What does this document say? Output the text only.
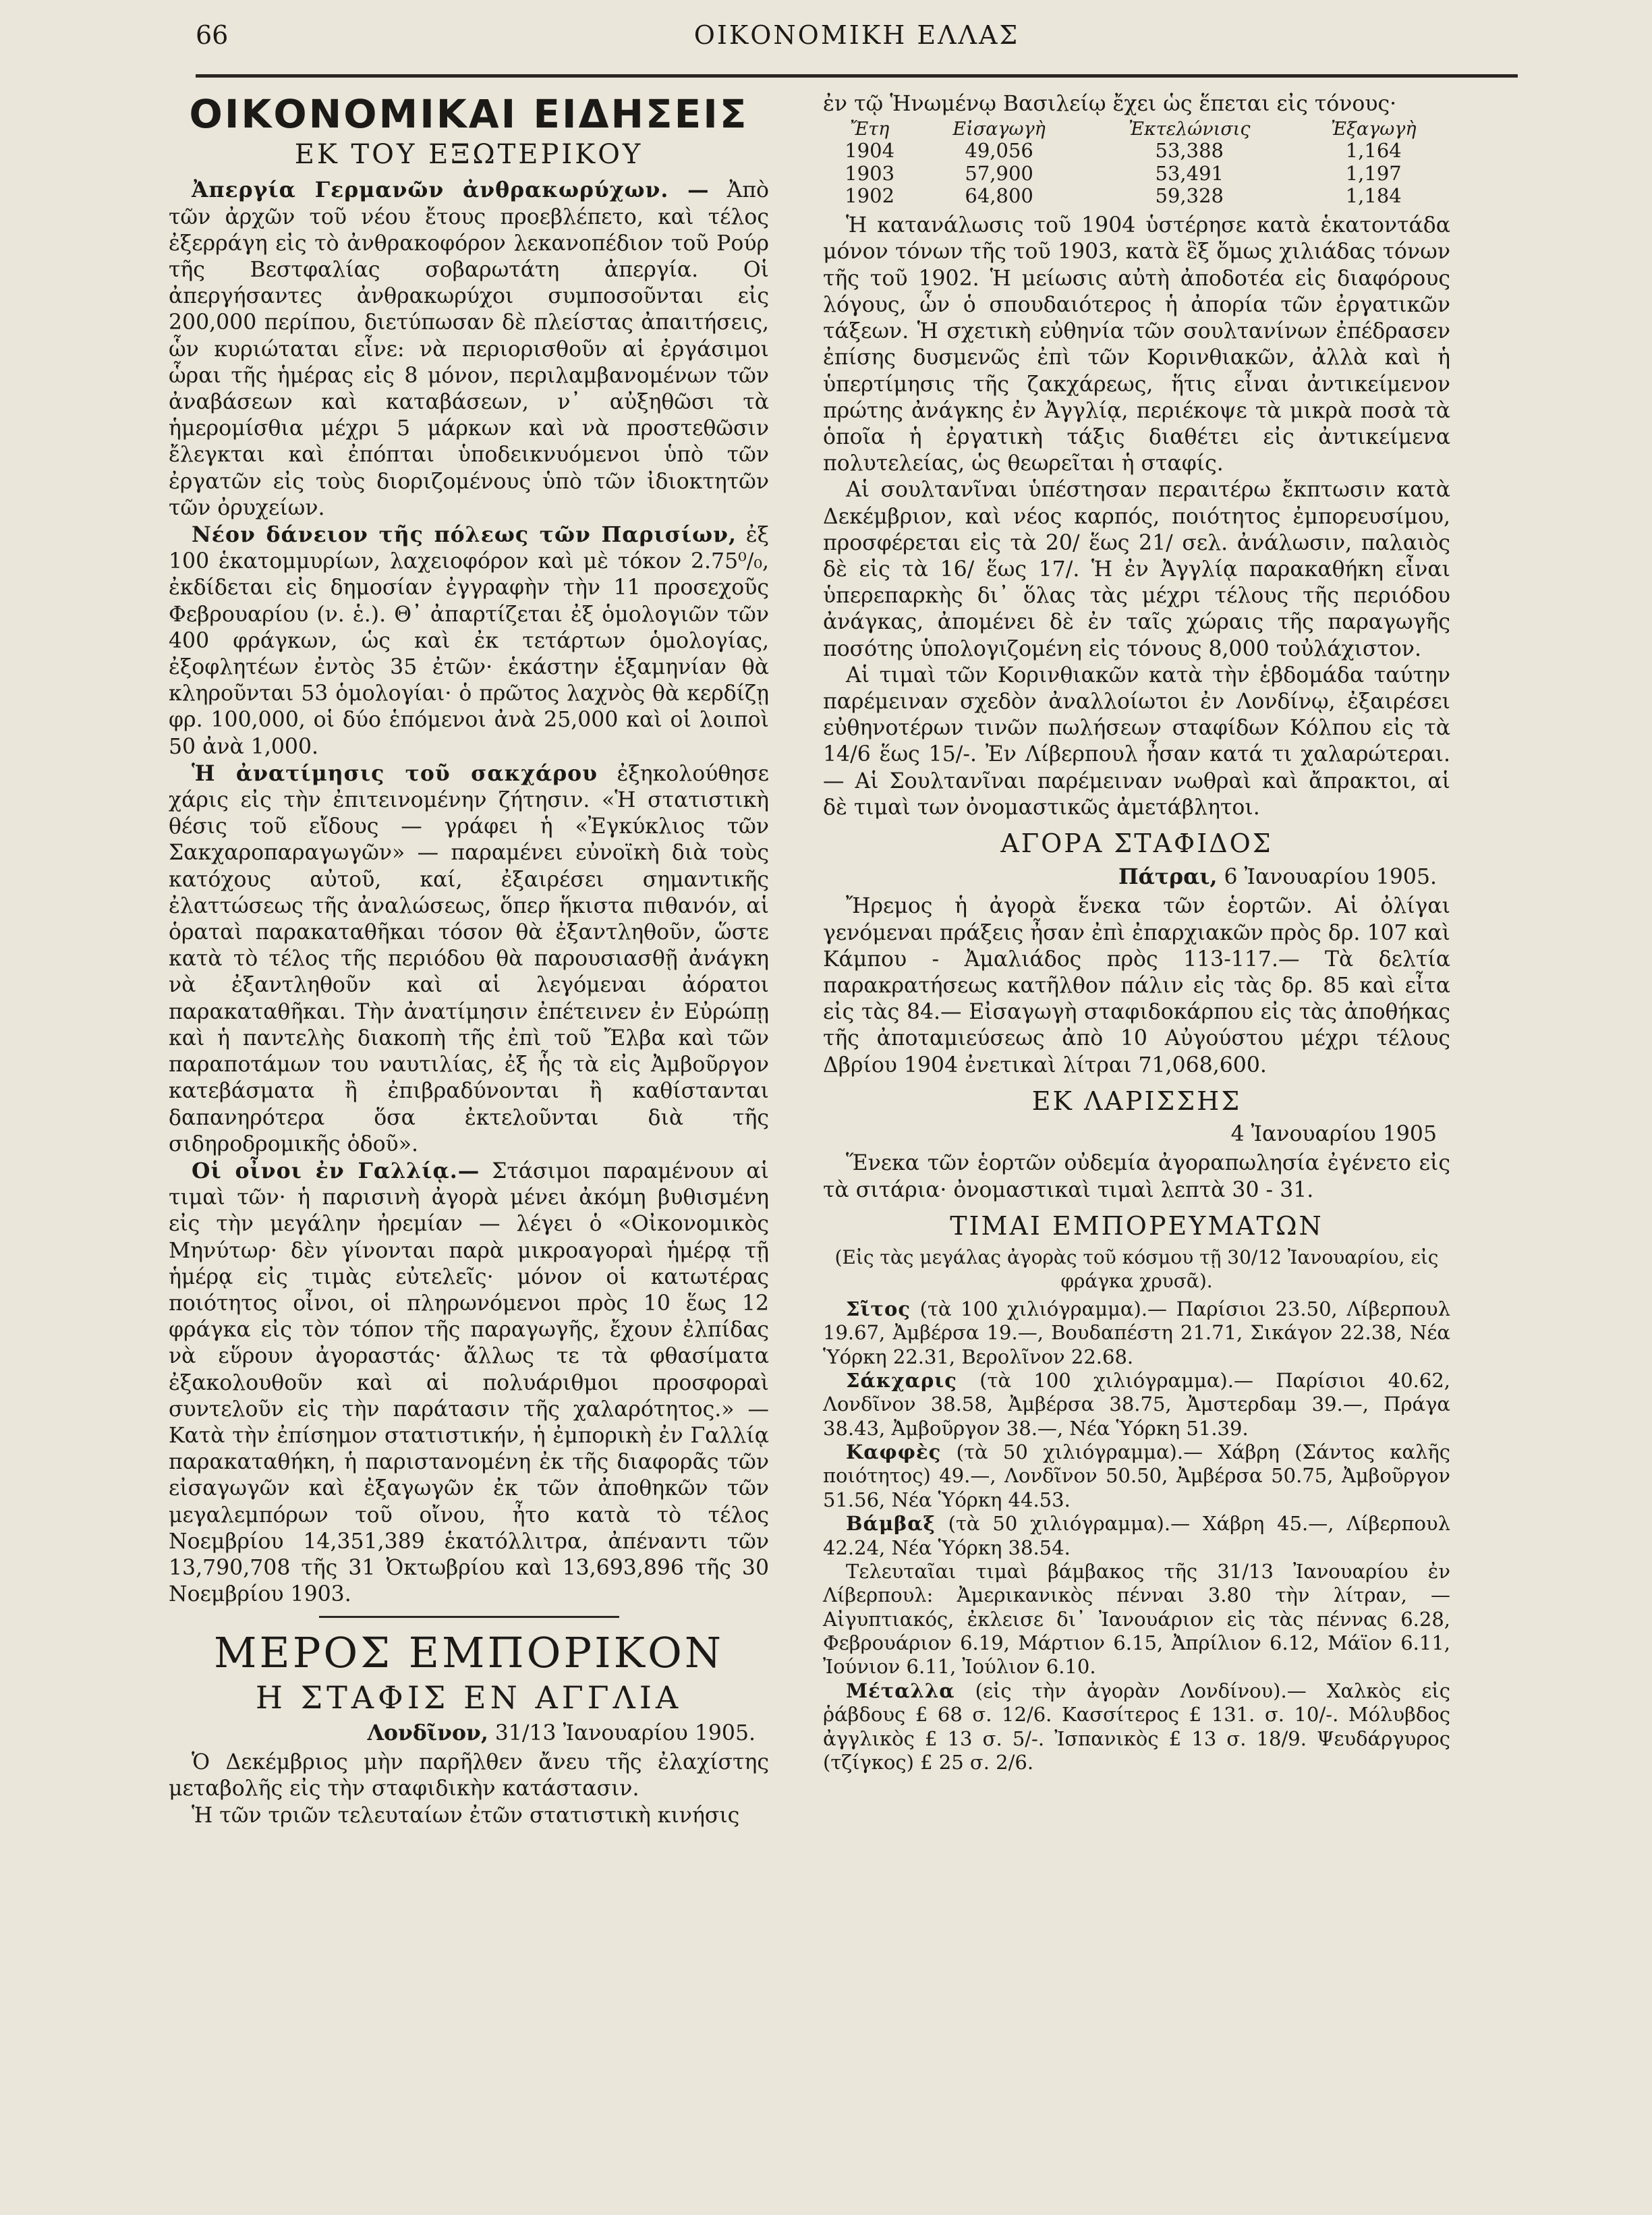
66	ΟΙΚΟΝΟΜΙΚΗ ΕΛΛΑΣ
ΟΙΚΟΝΟΜΙΚΑΙ ΕΙΔΗΣΕΙΣ
ΕΚ ΤΟΥ ΕΞΩΤΕΡΙΚΟΥ

Ἀπεργία Γερμανῶν ἀνθρακωρύχων. — Ἀπὸ τῶν ἀρχῶν τοῦ νέου ἔτους προεβλέπετο, καὶ τέλος ἐξερράγη εἰς τὸ ἀνθρακοφόρον λεκανοπέδιον τοῦ Ρούρ τῆς Βεστφαλίας σοβαρωτάτη ἀπεργία. Οἱ ἀπεργήσαντες ἀνθρακωρύχοι συμποσοῦνται εἰς 200,000 περίπου, διετύπωσαν δὲ πλείστας ἀπαιτήσεις, ὧν κυριώταται εἶνε: νὰ περιορισθοῦν αἱ ἐργάσιμοι ὧραι τῆς ἡμέρας εἰς 8 μόνον, περιλαμβανομένων τῶν ἀναβάσεων καὶ καταβάσεων, ν᾿ αὐξηθῶσι τὰ ἡμερομίσθια μέχρι 5 μάρκων καὶ νὰ προστεθῶσιν ἔλεγκται καὶ ἐπόπται ὑποδεικνυόμενοι ὑπὸ τῶν ἐργατῶν εἰς τοὺς διοριζομένους ὑπὸ τῶν ἰδιοκτητῶν τῶν ὀρυχείων.

Νέον δάνειον τῆς πόλεως τῶν Παρισίων, ἐξ 100 ἑκατομμυρίων, λαχειοφόρον καὶ μὲ τόκον 2.75⁰/₀, ἐκδίδεται εἰς δημοσίαν ἐγγραφὴν τὴν 11 προσεχοῦς Φεβρουαρίου (ν. ἑ.). Θ᾿ ἀπαρτίζεται ἐξ ὁμολογιῶν τῶν 400 φράγκων, ὡς καὶ ἐκ τετάρτων ὁμολογίας, ἐξοφλητέων ἐντὸς 35 ἐτῶν· ἑκάστην ἑξαμηνίαν θὰ κληροῦνται 53 ὁμολογίαι· ὁ πρῶτος λαχνὸς θὰ κερδίζῃ φρ. 100,000, οἱ δύο ἑπόμενοι ἀνὰ 25,000 καὶ οἱ λοιποὶ 50 ἀνὰ 1,000.

Ἡ ἀνατίμησις τοῦ σακχάρου ἐξηκολούθησε χάρις εἰς τὴν ἐπιτεινομένην ζήτησιν. «Ἡ στατιστικὴ θέσις τοῦ εἴδους — γράφει ἡ «Ἐγκύκλιος τῶν Σακχαροπαραγωγῶν» — παραμένει εὐνοϊκὴ διὰ τοὺς κατόχους αὐτοῦ, καί, ἐξαιρέσει σημαντικῆς ἐλαττώσεως τῆς ἀναλώσεως, ὅπερ ἥκιστα πιθανόν, αἱ ὁραταὶ παρακαταθῆκαι τόσον θὰ ἐξαντληθοῦν, ὥστε κατὰ τὸ τέλος τῆς περιόδου θὰ παρουσιασθῇ ἀνάγκη νὰ ἐξαντληθοῦν καὶ αἱ λεγόμεναι ἀόρατοι παρακαταθῆκαι. Τὴν ἀνατίμησιν ἐπέτεινεν ἐν Εὐρώπῃ καὶ ἡ παντελὴς διακοπὴ τῆς ἐπὶ τοῦ Ἔλβα καὶ τῶν παραποτάμων του ναυτιλίας, ἐξ ἧς τὰ εἰς Ἀμβοῦργον κατεβάσματα ἢ ἐπιβραδύνονται ἢ καθίστανται δαπανηρότερα ὅσα ἐκτελοῦνται διὰ τῆς σιδηροδρομικῆς ὁδοῦ».

Οἱ οἶνοι ἐν Γαλλίᾳ.— Στάσιμοι παραμένουν αἱ τιμαὶ τῶν· ἡ παρισινὴ ἀγορὰ μένει ἀκόμη βυθισμένη εἰς τὴν μεγάλην ἠρεμίαν — λέγει ὁ «Οἰκονομικὸς Μηνύτωρ· δὲν γίνονται παρὰ μικροαγοραὶ ἡμέρᾳ τῇ ἡμέρᾳ εἰς τιμὰς εὐτελεῖς· μόνον οἱ κατωτέρας ποιότητος οἶνοι, οἱ πληρωνόμενοι πρὸς 10 ἕως 12 φράγκα εἰς τὸν τόπον τῆς παραγωγῆς, ἔχουν ἐλπίδας νὰ εὕρουν ἀγοραστάς· ἄλλως τε τὰ φθασίματα ἐξακολουθοῦν καὶ αἱ πολυάριθμοι προσφοραὶ συντελοῦν εἰς τὴν παράτασιν τῆς χαλαρότητος.» — Κατὰ τὴν ἐπίσημον στατιστικήν, ἡ ἐμπορικὴ ἐν Γαλλίᾳ παρακαταθήκη, ἡ παριστανομένη ἐκ τῆς διαφορᾶς τῶν εἰσαγωγῶν καὶ ἐξαγωγῶν ἐκ τῶν ἀποθηκῶν τῶν μεγαλεμπόρων τοῦ οἴνου, ἦτο κατὰ τὸ τέλος Νοεμβρίου 14,351,389 ἑκατόλλιτρα, ἀπέναντι τῶν 13,790,708 τῆς 31 Ὀκτωβρίου καὶ 13,693,896 τῆς 30 Νοεμβρίου 1903.

ΜΕΡΟΣ ΕΜΠΟΡΙΚΟΝ
Η ΣΤΑΦΙΣ ΕΝ ΑΓΓΛΙΑ
Λονδῖνον, 31/13 Ἰανουαρίου 1905.

Ὁ Δεκέμβριος μὴν παρῆλθεν ἄνευ τῆς ἐλαχίστης μεταβολῆς εἰς τὴν σταφιδικὴν κατάστασιν.

Ἡ τῶν τριῶν τελευταίων ἐτῶν στατιστικὴ κινήσις

ἐν τῷ Ἡνωμένῳ Βασιλείῳ ἔχει ὡς ἕπεται εἰς τόνους·

Ἔτη	Εἰσαγωγὴ	Ἐκτελώνισις	Ἐξαγωγὴ
1904	49,056	53,388	1,164
1903	57,900	53,491	1,197
1902	64,800	59,328	1,184

Ἡ κατανάλωσις τοῦ 1904 ὑστέρησε κατὰ ἑκατοντάδα μόνον τόνων τῆς τοῦ 1903, κατὰ ἓξ ὅμως χιλιάδας τόνων τῆς τοῦ 1902. Ἡ μείωσις αὐτὴ ἀποδοτέα εἰς διαφόρους λόγους, ὧν ὁ σπουδαιότερος ἡ ἀπορία τῶν ἐργατικῶν τάξεων. Ἡ σχετικὴ εὐθηνία τῶν σουλτανίνων ἐπέδρασεν ἐπίσης δυσμενῶς ἐπὶ τῶν Κορινθιακῶν, ἀλλὰ καὶ ἡ ὑπερτίμησις τῆς ζακχάρεως, ἥτις εἶναι ἀντικείμενον πρώτης ἀνάγκης ἐν Ἀγγλίᾳ, περιέκοψε τὰ μικρὰ ποσὰ τὰ ὁποῖα ἡ ἐργατικὴ τάξις διαθέτει εἰς ἀντικείμενα πολυτελείας, ὡς θεωρεῖται ἡ σταφίς.

Αἱ σουλτανῖναι ὑπέστησαν περαιτέρω ἔκπτωσιν κατὰ Δεκέμβριον, καὶ νέος καρπός, ποιότητος ἐμπορευσίμου, προσφέρεται εἰς τὰ 20/ ἕως 21/ σελ. ἀνάλωσιν, παλαιὸς δὲ εἰς τὰ 16/ ἕως 17/. Ἡ ἐν Ἀγγλίᾳ παρακαθήκη εἶναι ὑπερεπαρκὴς δι᾿ ὅλας τὰς μέχρι τέλους τῆς περιόδου ἀνάγκας, ἀπομένει δὲ ἐν ταῖς χώραις τῆς παραγωγῆς ποσότης ὑπολογιζομένη εἰς τόνους 8,000 τοὐλάχιστον.

Αἱ τιμαὶ τῶν Κορινθιακῶν κατὰ τὴν ἑβδομάδα ταύτην παρέμειναν σχεδὸν ἀναλλοίωτοι ἐν Λονδίνῳ, ἐξαιρέσει εὐθηνοτέρων τινῶν πωλήσεων σταφίδων Κόλπου εἰς τὰ 14/6 ἕως 15/-. Ἐν Λίβερπουλ ἦσαν κατά τι χαλαρώτεραι.— Αἱ Σουλτανῖναι παρέμειναν νωθραὶ καὶ ἄπρακτοι, αἱ δὲ τιμαὶ των ὀνομαστικῶς ἀμετάβλητοι.

ΑΓΟΡΑ ΣΤΑΦΙΔΟΣ
Πάτραι, 6 Ἰανουαρίου 1905.

Ἤρεμος ἡ ἀγορὰ ἕνεκα τῶν ἑορτῶν. Αἱ ὀλίγαι γενόμεναι πράξεις ἦσαν ἐπὶ ἐπαρχιακῶν πρὸς δρ. 107 καὶ Κάμπου - Ἀμαλιάδος πρὸς 113-117.— Τὰ δελτία παρακρατήσεως κατῆλθον πάλιν εἰς τὰς δρ. 85 καὶ εἶτα εἰς τὰς 84.— Εἰσαγωγὴ σταφιδοκάρπου εἰς τὰς ἀποθήκας τῆς ἀποταμιεύσεως ἀπὸ 10 Αὐγούστου μέχρι τέλους Δβρίου 1904 ἐνετικαὶ λίτραι 71,068,600.

ΕΚ ΛΑΡΙΣΣΗΣ
4 Ἰανουαρίου 1905

Ἕνεκα τῶν ἑορτῶν οὐδεμία ἀγοραπωλησία ἐγένετο εἰς τὰ σιτάρια· ὀνομαστικαὶ τιμαὶ λεπτὰ 30 - 31.

ΤΙΜΑΙ ΕΜΠΟΡΕΥΜΑΤΩΝ
(Εἰς τὰς μεγάλας ἀγορὰς τοῦ κόσμου τῇ 30/12 Ἰανουαρίου, εἰς φράγκα χρυσᾶ).

Σῖτος (τὰ 100 χιλιόγραμμα).— Παρίσιοι 23.50, Λίβερπουλ 19.67, Ἀμβέρσα 19.—, Βουδαπέστη 21.71, Σικάγον 22.38, Νέα Ὑόρκη 22.31, Βερολῖνον 22.68.

Σάκχαρις (τὰ 100 χιλιόγραμμα).— Παρίσιοι 40.62, Λονδῖνον 38.58, Ἀμβέρσα 38.75, Ἀμστερδαμ 39.—, Πράγα 38.43, Ἀμβοῦργον 38.—, Νέα Ὑόρκη 51.39.

Καφφὲς (τὰ 50 χιλιόγραμμα).— Χάβρη (Σάντος καλῆς ποιότητος) 49.—, Λονδῖνον 50.50, Ἀμβέρσα 50.75, Ἀμβοῦργον 51.56, Νέα Ὑόρκη 44.53.

Βάμβαξ (τὰ 50 χιλιόγραμμα).— Χάβρη 45.—, Λίβερπουλ 42.24, Νέα Ὑόρκη 38.54.

Τελευταῖαι τιμαὶ βάμβακος τῆς 31/13 Ἰανουαρίου ἐν Λίβερπουλ: Ἀμερικανικὸς πένναι 3.80 τὴν λίτραν, — Αἰγυπτιακός, ἐκλεισε δι᾿ Ἰανουάριον εἰς τὰς πέννας 6.28, Φεβρουάριον 6.19, Μάρτιον 6.15, Ἀπρίλιον 6.12, Μάϊον 6.11, Ἰούνιον 6.11, Ἰούλιον 6.10.

Μέταλλα (εἰς τὴν ἀγορὰν Λονδίνου).— Χαλκὸς εἰς ῥάβδους £ 68 σ. 12/6. Κασσίτερος £ 131. σ. 10/-. Μόλυβδος ἀγγλικὸς £ 13 σ. 5/-. Ἰσπανικὸς £ 13 σ. 18/9. Ψευδάργυρος (τζίγκος) £ 25 σ. 2/6.
